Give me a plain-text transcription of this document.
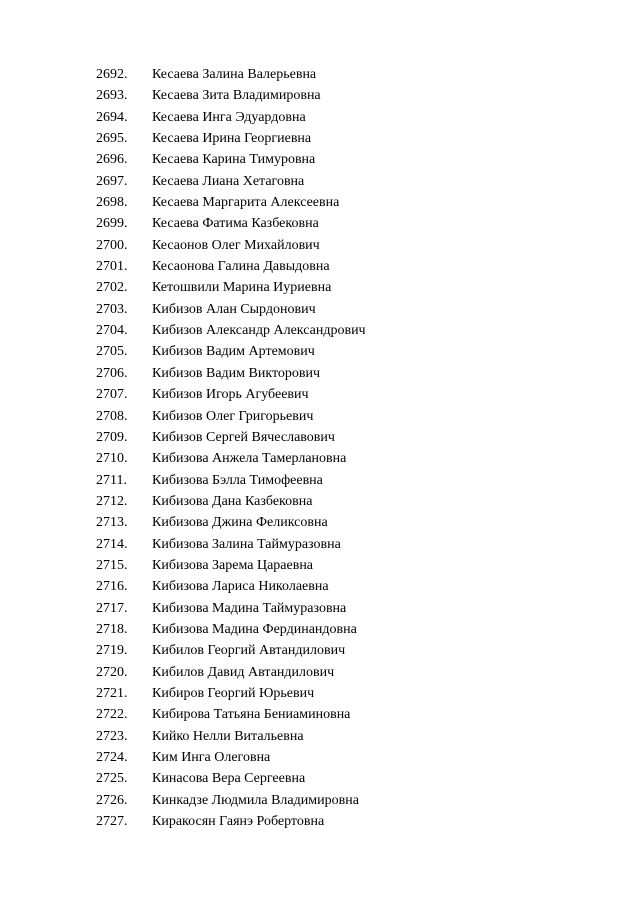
2692.	Кесаева Залина Валерьевна
2693.	Кесаева Зита Владимировна
2694.	Кесаева Инга Эдуардовна
2695.	Кесаева Ирина Георгиевна
2696.	Кесаева Карина Тимуровна
2697.	Кесаева Лиана Хетаговна
2698.	Кесаева Маргарита Алексеевна
2699.	Кесаева Фатима Казбековна
2700.	Кесаонов Олег Михайлович
2701.	Кесаонова Галина Давыдовна
2702.	Кетошвили Марина Иуриевна
2703.	Кибизов Алан Сырдонович
2704.	Кибизов Александр Александрович
2705.	Кибизов Вадим Артемович
2706.	Кибизов Вадим Викторович
2707.	Кибизов Игорь Агубеевич
2708.	Кибизов Олег Григорьевич
2709.	Кибизов Сергей Вячеславович
2710.	Кибизова Анжела Тамерлановна
2711.	Кибизова Бэлла Тимофеевна
2712.	Кибизова Дана Казбековна
2713.	Кибизова Джина Феликсовна
2714.	Кибизова Залина Таймуразовна
2715.	Кибизова Зарема Цараевна
2716.	Кибизова Лариса Николаевна
2717.	Кибизова Мадина Таймуразовна
2718.	Кибизова Мадина Фердинандовна
2719.	Кибилов Георгий Автандилович
2720.	Кибилов Давид Автандилович
2721.	Кибиров Георгий Юрьевич
2722.	Кибирова Татьяна Бениаминовна
2723.	Кийко Нелли Витальевна
2724.	Ким Инга Олеговна
2725.	Кинасова Вера Сергеевна
2726.	Кинкадзе Людмила Владимировна
2727.	Киракосян Гаянэ Робертовна
